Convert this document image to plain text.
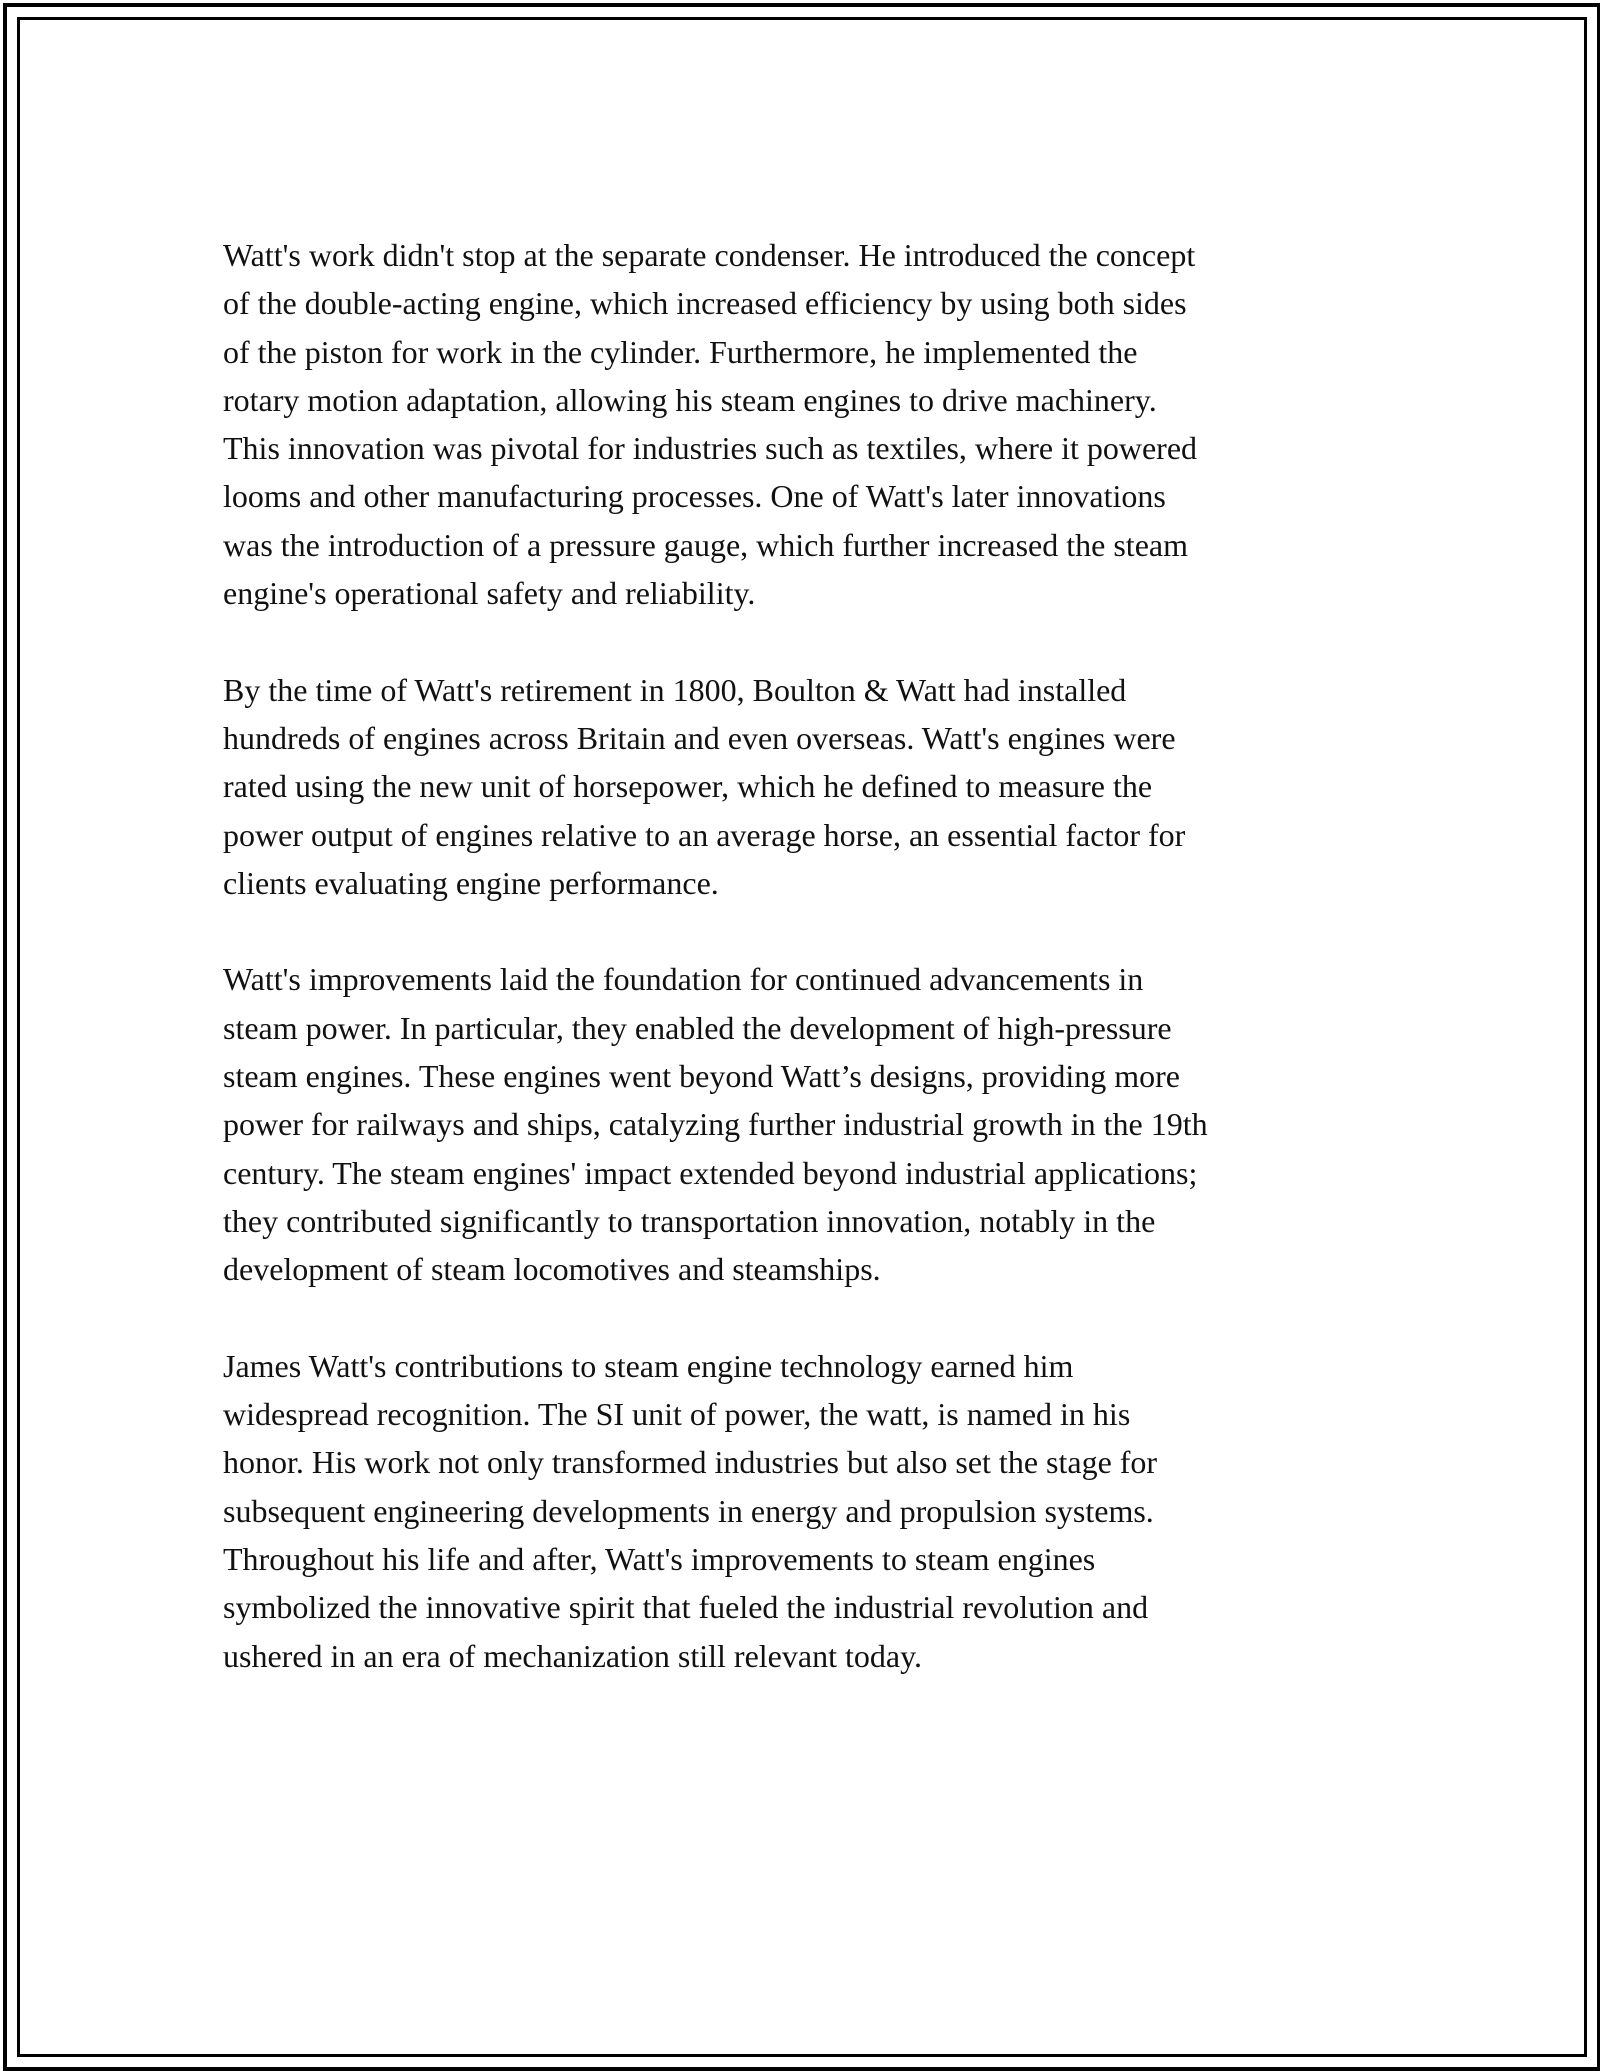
Watt's work didn't stop at the separate condenser. He introduced the concept
of the double-acting engine, which increased efficiency by using both sides
of the piston for work in the cylinder. Furthermore, he implemented the
rotary motion adaptation, allowing his steam engines to drive machinery.
This innovation was pivotal for industries such as textiles, where it powered
looms and other manufacturing processes. One of Watt's later innovations
was the introduction of a pressure gauge, which further increased the steam
engine's operational safety and reliability.

By the time of Watt's retirement in 1800, Boulton & Watt had installed
hundreds of engines across Britain and even overseas. Watt's engines were
rated using the new unit of horsepower, which he defined to measure the
power output of engines relative to an average horse, an essential factor for
clients evaluating engine performance.

Watt's improvements laid the foundation for continued advancements in
steam power. In particular, they enabled the development of high-pressure
steam engines. These engines went beyond Watt’s designs, providing more
power for railways and ships, catalyzing further industrial growth in the 19th
century. The steam engines' impact extended beyond industrial applications;
they contributed significantly to transportation innovation, notably in the
development of steam locomotives and steamships.

James Watt's contributions to steam engine technology earned him
widespread recognition. The SI unit of power, the watt, is named in his
honor. His work not only transformed industries but also set the stage for
subsequent engineering developments in energy and propulsion systems.
Throughout his life and after, Watt's improvements to steam engines
symbolized the innovative spirit that fueled the industrial revolution and
ushered in an era of mechanization still relevant today.
